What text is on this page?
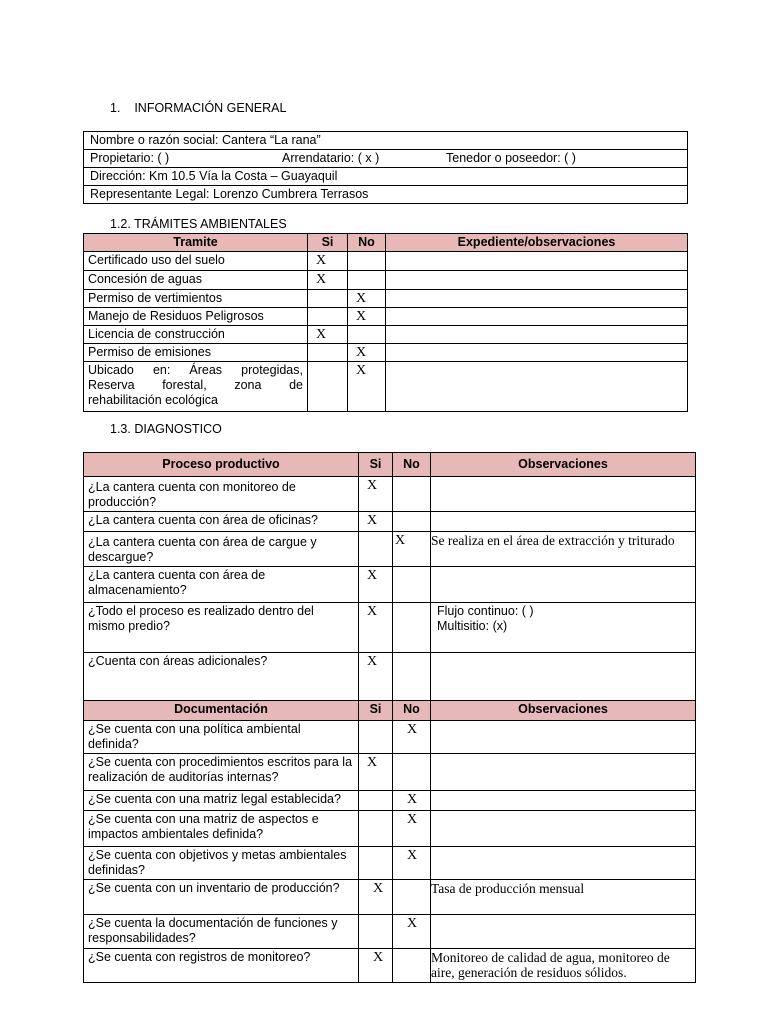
1.    INFORMACIÓN GENERAL
Nombre o razón social: Cantera “La rana”
Propietario: ( )	Arrendatario: ( x )	Tenedor o poseedor: ( )

Dirección: Km 10.5 Vía la Costa – Guayaquil
Representante Legal: Lorenzo Cumbrera Terrasos
1.2. TRÁMITES AMBIENTALES
Tramite	Si	No	Expediente/observaciones
Certificado uso del suelo	X		
Concesión de aguas	X		
Permiso de vertimientos		X	
Manejo de Residuos Peligrosos		X	
Licencia de construcción	X		
Permiso de emisiones		X	
Ubicado en: Áreas protegidas, Reserva forestal, zona de rehabilitación ecológica		X	
1.3. DIAGNOSTICO
Proceso productivo	Si	No	Observaciones
¿La cantera cuenta con monitoreo de producción?	X		
¿La cantera cuenta con área de oficinas?	X		
¿La cantera cuenta con área de cargue y descargue?		X	Se realiza en el área de extracción y triturado
¿La cantera cuenta con área de almacenamiento?	X		
¿Todo el proceso es realizado dentro del mismo predio?	X		Flujo continuo: ( )
Multisitio: (x)

¿Cuenta con áreas adicionales?	X		
Documentación	Si	No	Observaciones
¿Se cuenta con una política ambiental definida?		X	
¿Se cuenta con procedimientos escritos para la realización de auditorías internas?	X		
¿Se cuenta con una matriz legal establecida?		X	
¿Se cuenta con una matriz de aspectos e impactos ambientales definida?		X	
¿Se cuenta con objetivos y metas ambientales definidas?		X	
¿Se cuenta con un inventario de producción?	X		Tasa de producción mensual
¿Se cuenta la documentación de funciones y responsabilidades?		X	
¿Se cuenta con registros de monitoreo?	X		Monitoreo de calidad de agua, monitoreo de aire, generación de residuos sólidos.
